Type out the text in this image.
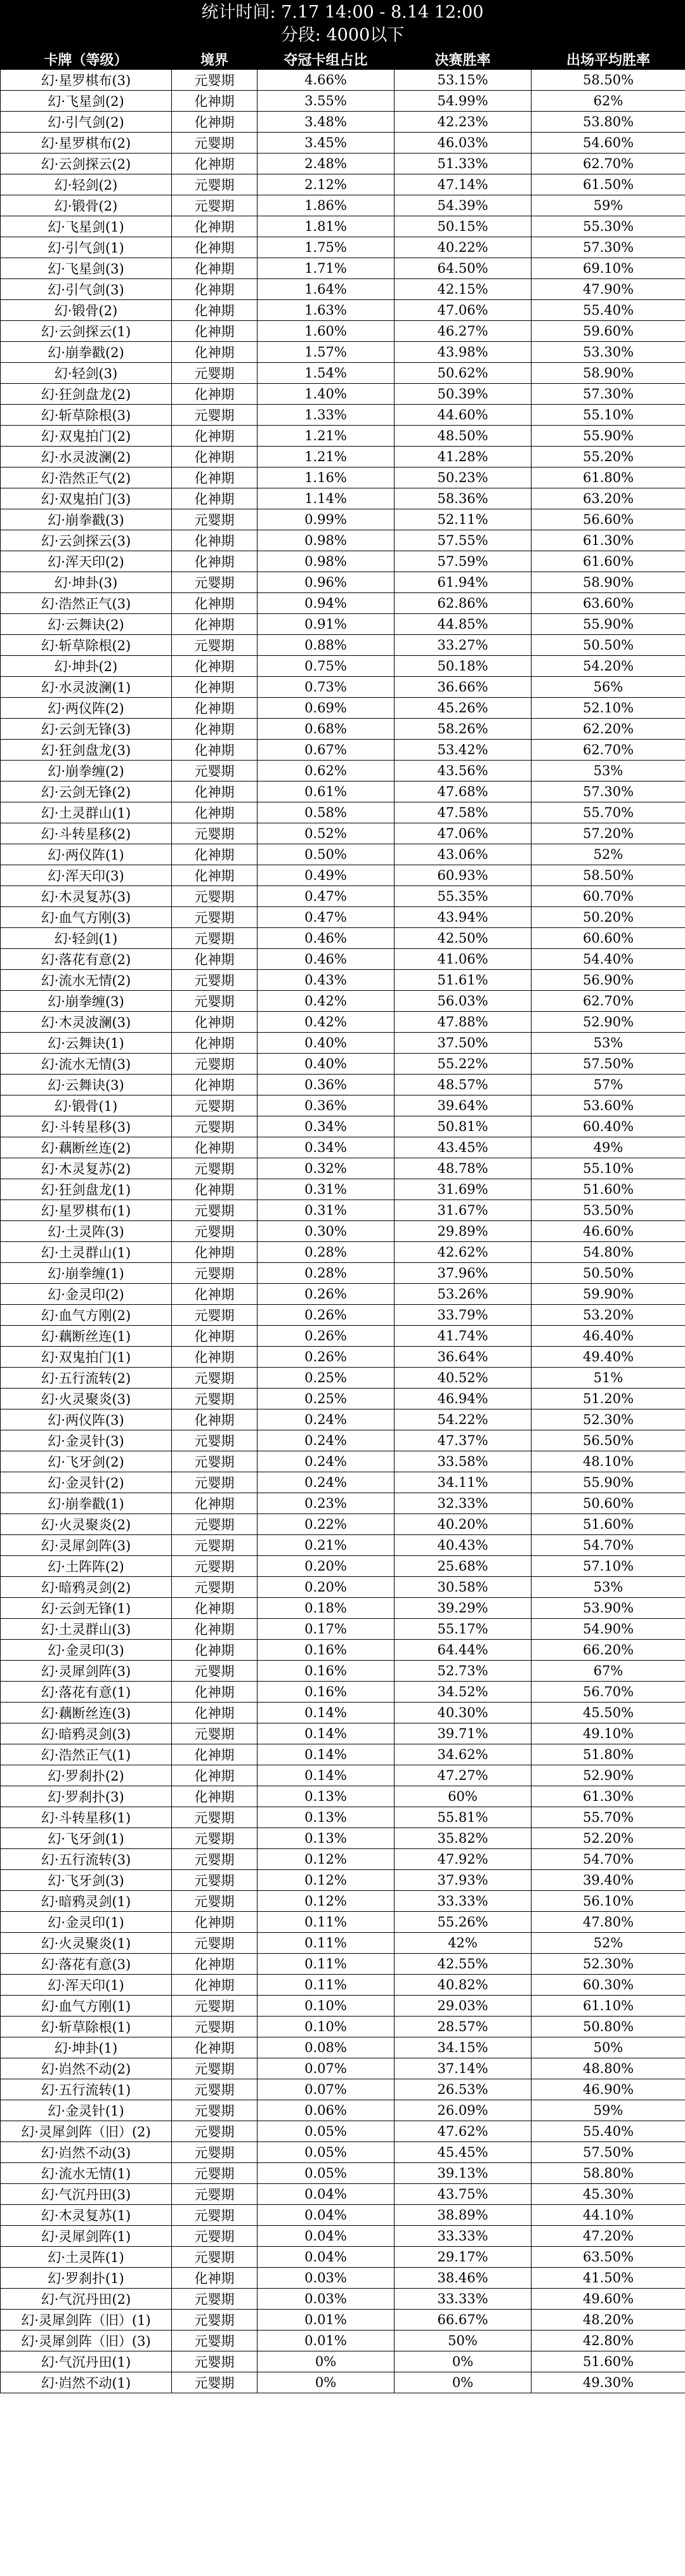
统计时间: 7.17 14:00 - 8.14 12:00
分段: 4000以下
卡牌（等级）	境界	夺冠卡组占比	决赛胜率	出场平均胜率
幻·星罗棋布(3)	元婴期	4.66%	53.15%	58.50%
幻·飞星剑(2)	化神期	3.55%	54.99%	62%
幻·引气剑(2)	化神期	3.48%	42.23%	53.80%
幻·星罗棋布(2)	元婴期	3.45%	46.03%	54.60%
幻·云剑探云(2)	化神期	2.48%	51.33%	62.70%
幻·轻剑(2)	元婴期	2.12%	47.14%	61.50%
幻·锻骨(2)	元婴期	1.86%	54.39%	59%
幻·飞星剑(1)	化神期	1.81%	50.15%	55.30%
幻·引气剑(1)	化神期	1.75%	40.22%	57.30%
幻·飞星剑(3)	化神期	1.71%	64.50%	69.10%
幻·引气剑(3)	化神期	1.64%	42.15%	47.90%
幻·锻骨(2)	化神期	1.63%	47.06%	55.40%
幻·云剑探云(1)	化神期	1.60%	46.27%	59.60%
幻·崩拳戳(2)	化神期	1.57%	43.98%	53.30%
幻·轻剑(3)	元婴期	1.54%	50.62%	58.90%
幻·狂剑盘龙(2)	化神期	1.40%	50.39%	57.30%
幻·斩草除根(3)	元婴期	1.33%	44.60%	55.10%
幻·双鬼拍门(2)	化神期	1.21%	48.50%	55.90%
幻·水灵波澜(2)	化神期	1.21%	41.28%	55.20%
幻·浩然正气(2)	化神期	1.16%	50.23%	61.80%
幻·双鬼拍门(3)	化神期	1.14%	58.36%	63.20%
幻·崩拳戳(3)	元婴期	0.99%	52.11%	56.60%
幻·云剑探云(3)	化神期	0.98%	57.55%	61.30%
幻·浑天印(2)	化神期	0.98%	57.59%	61.60%
幻·坤卦(3)	元婴期	0.96%	61.94%	58.90%
幻·浩然正气(3)	化神期	0.94%	62.86%	63.60%
幻·云舞诀(2)	化神期	0.91%	44.85%	55.90%
幻·斩草除根(2)	元婴期	0.88%	33.27%	50.50%
幻·坤卦(2)	化神期	0.75%	50.18%	54.20%
幻·水灵波澜(1)	化神期	0.73%	36.66%	56%
幻·两仪阵(2)	化神期	0.69%	45.26%	52.10%
幻·云剑无锋(3)	化神期	0.68%	58.26%	62.20%
幻·狂剑盘龙(3)	化神期	0.67%	53.42%	62.70%
幻·崩拳缠(2)	元婴期	0.62%	43.56%	53%
幻·云剑无锋(2)	化神期	0.61%	47.68%	57.30%
幻·土灵群山(1)	化神期	0.58%	47.58%	55.70%
幻·斗转星移(2)	元婴期	0.52%	47.06%	57.20%
幻·两仪阵(1)	化神期	0.50%	43.06%	52%
幻·浑天印(3)	化神期	0.49%	60.93%	58.50%
幻·木灵复苏(3)	元婴期	0.47%	55.35%	60.70%
幻·血气方刚(3)	元婴期	0.47%	43.94%	50.20%
幻·轻剑(1)	元婴期	0.46%	42.50%	60.60%
幻·落花有意(2)	化神期	0.46%	41.06%	54.40%
幻·流水无情(2)	元婴期	0.43%	51.61%	56.90%
幻·崩拳缠(3)	元婴期	0.42%	56.03%	62.70%
幻·木灵波澜(3)	化神期	0.42%	47.88%	52.90%
幻·云舞诀(1)	化神期	0.40%	37.50%	53%
幻·流水无情(3)	元婴期	0.40%	55.22%	57.50%
幻·云舞诀(3)	化神期	0.36%	48.57%	57%
幻·锻骨(1)	元婴期	0.36%	39.64%	53.60%
幻·斗转星移(3)	元婴期	0.34%	50.81%	60.40%
幻·藕断丝连(2)	化神期	0.34%	43.45%	49%
幻·木灵复苏(2)	元婴期	0.32%	48.78%	55.10%
幻·狂剑盘龙(1)	化神期	0.31%	31.69%	51.60%
幻·星罗棋布(1)	元婴期	0.31%	31.67%	53.50%
幻·土灵阵(3)	元婴期	0.30%	29.89%	46.60%
幻·土灵群山(1)	化神期	0.28%	42.62%	54.80%
幻·崩拳缠(1)	元婴期	0.28%	37.96%	50.50%
幻·金灵印(2)	化神期	0.26%	53.26%	59.90%
幻·血气方刚(2)	元婴期	0.26%	33.79%	53.20%
幻·藕断丝连(1)	化神期	0.26%	41.74%	46.40%
幻·双鬼拍门(1)	化神期	0.26%	36.64%	49.40%
幻·五行流转(2)	元婴期	0.25%	40.52%	51%
幻·火灵聚炎(3)	元婴期	0.25%	46.94%	51.20%
幻·两仪阵(3)	化神期	0.24%	54.22%	52.30%
幻·金灵针(3)	元婴期	0.24%	47.37%	56.50%
幻·飞牙剑(2)	元婴期	0.24%	33.58%	48.10%
幻·金灵针(2)	元婴期	0.24%	34.11%	55.90%
幻·崩拳戳(1)	化神期	0.23%	32.33%	50.60%
幻·火灵聚炎(2)	元婴期	0.22%	40.20%	51.60%
幻·灵犀剑阵(3)	元婴期	0.21%	40.43%	54.70%
幻·土阵阵(2)	元婴期	0.20%	25.68%	57.10%
幻·暗鸦灵剑(2)	元婴期	0.20%	30.58%	53%
幻·云剑无锋(1)	化神期	0.18%	39.29%	53.90%
幻·土灵群山(3)	化神期	0.17%	55.17%	54.90%
幻·金灵印(3)	化神期	0.16%	64.44%	66.20%
幻·灵犀剑阵(3)	元婴期	0.16%	52.73%	67%
幻·落花有意(1)	化神期	0.16%	34.52%	56.70%
幻·藕断丝连(3)	化神期	0.14%	40.30%	45.50%
幻·暗鸦灵剑(3)	元婴期	0.14%	39.71%	49.10%
幻·浩然正气(1)	化神期	0.14%	34.62%	51.80%
幻·罗刹扑(2)	化神期	0.14%	47.27%	52.90%
幻·罗刹扑(3)	化神期	0.13%	60%	61.30%
幻·斗转星移(1)	元婴期	0.13%	55.81%	55.70%
幻·飞牙剑(1)	元婴期	0.13%	35.82%	52.20%
幻·五行流转(3)	元婴期	0.12%	47.92%	54.70%
幻·飞牙剑(3)	元婴期	0.12%	37.93%	39.40%
幻·暗鸦灵剑(1)	元婴期	0.12%	33.33%	56.10%
幻·金灵印(1)	化神期	0.11%	55.26%	47.80%
幻·火灵聚炎(1)	元婴期	0.11%	42%	52%
幻·落花有意(3)	化神期	0.11%	42.55%	52.30%
幻·浑天印(1)	化神期	0.11%	40.82%	60.30%
幻·血气方刚(1)	元婴期	0.10%	29.03%	61.10%
幻·斩草除根(1)	元婴期	0.10%	28.57%	50.80%
幻·坤卦(1)	化神期	0.08%	34.15%	50%
幻·岿然不动(2)	元婴期	0.07%	37.14%	48.80%
幻·五行流转(1)	元婴期	0.07%	26.53%	46.90%
幻·金灵针(1)	元婴期	0.06%	26.09%	59%
幻·灵犀剑阵（旧）(2)	元婴期	0.05%	47.62%	55.40%
幻·岿然不动(3)	元婴期	0.05%	45.45%	57.50%
幻·流水无情(1)	元婴期	0.05%	39.13%	58.80%
幻·气沉丹田(3)	元婴期	0.04%	43.75%	45.30%
幻·木灵复苏(1)	元婴期	0.04%	38.89%	44.10%
幻·灵犀剑阵(1)	元婴期	0.04%	33.33%	47.20%
幻·土灵阵(1)	元婴期	0.04%	29.17%	63.50%
幻·罗刹扑(1)	化神期	0.03%	38.46%	41.50%
幻·气沉丹田(2)	元婴期	0.03%	33.33%	49.60%
幻·灵犀剑阵（旧）(1)	元婴期	0.01%	66.67%	48.20%
幻·灵犀剑阵（旧）(3)	元婴期	0.01%	50%	42.80%
幻·气沉丹田(1)	元婴期	0%	0%	51.60%
幻·岿然不动(1)	元婴期	0%	0%	49.30%
